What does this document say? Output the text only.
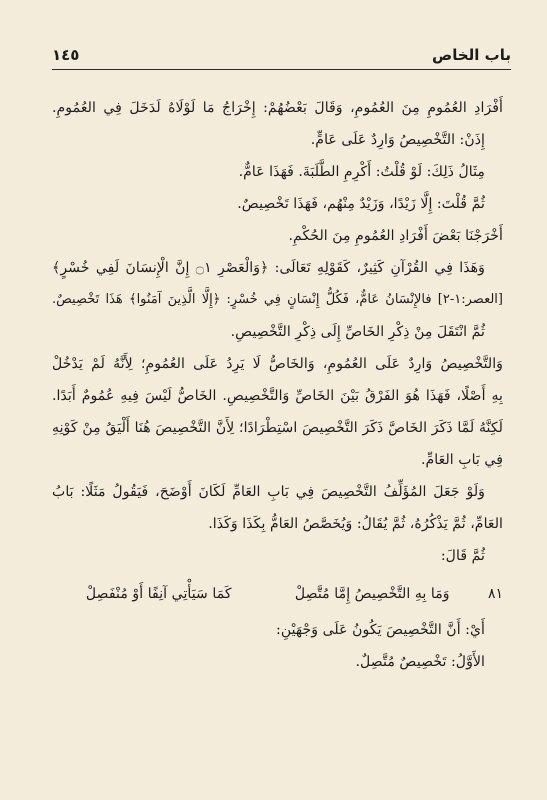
باب الخاص
١٤٥
أَفْرَادِ العُمُومِ مِنَ العُمُومِ، وَقَالَ بَعْضُهُمْ: إِخْرَاجُ مَا لَوْلَاهُ لَدَخَلَ فِي العُمُومِ.
إِذَنْ: التَّخْصِيصُ وَارِدٌ عَلَى عَامٍّ.
مِثَالُ ذَلِكَ: لَوْ قُلْتُ: أَكْرِمِ الطَّلَبَةَ. فَهَذَا عَامٌّ.
ثُمَّ قُلْتَ: إِلَّا زَيْدًا، وَزَيْدٌ مِنْهُم، فَهَذَا تَخْصِيصٌ.
أَخْرَجْنَا بَعْضَ أَفْرَادِ العُمُومِ مِنَ الحُكْمِ.
وَهَذَا فِي القُرْآنِ كَثِيرٌ، كَقَوْلِهِ تَعَالَى: ﴿وَالْعَصْرِ ۝١ إِنَّ الْإِنسَانَ لَفِي خُسْرٍ﴾
[العصر:١-٢] فالإِنْسَانُ عَامٌّ، فَكُلُّ إِنْسَانٍ فِي خُسْرٍ: ﴿إِلَّا الَّذِينَ آمَنُوا﴾ هَذَا تَخْصِيصٌ.
ثُمَّ انْتَقَلَ مِنْ ذِكْرِ الخَاصِّ إِلَى ذِكْرِ التَّخْصِيصِ.
وَالتَّخْصِيصُ وَارِدٌ عَلَى العُمُومِ، وَالخَاصُّ لَا يَرِدُ عَلَى العُمُومِ؛ لِأَنَّهُ لَمْ يَدْخُلْ
بِهِ أَصْلًا، فَهَذَا هُوَ الفَرْقُ بَيْنَ الخَاصِّ وَالتَّخْصِيصِ. الخَاصُّ لَيْسَ فِيهِ عُمُومٌ أَبَدًا.
لَكِنَّهُ لَمَّا ذَكَرَ الخَاصَّ ذَكَرَ التَّخْصِيصَ اسْتِطْرَادًا؛ لِأَنَّ التَّخْصِيصَ هُنَا أَلْيَقُ مِنْ كَوْنِهِ
فِي بَابِ العَامِّ.
وَلَوْ جَعَلَ المُؤَلِّفُ التَّخْصِيصَ فِي بَابِ العَامِّ لَكَانَ أَوْضَحَ، فَيَقُولُ مَثَلًا: بَابُ
العَامِّ، ثُمَّ يَذْكُرُهُ، ثُمَّ يُقَالُ: وَيُخَصَّصُ العَامُّ بِكَذَا وَكَذَا.
ثُمَّ قَالَ:
٨١
وَمَا بِهِ التَّخْصِيصُ إِمَّا مُتَّصِلْ
كَمَا سَيَأْتِي آنِفًا أَوْ مُنْفَصِلْ
أَيْ: أَنَّ التَّخْصِيصَ يَكُونُ عَلَى وَجْهَيْنِ:
الأَوَّلُ: تَخْصِيصٌ مُتَّصِلٌ.
